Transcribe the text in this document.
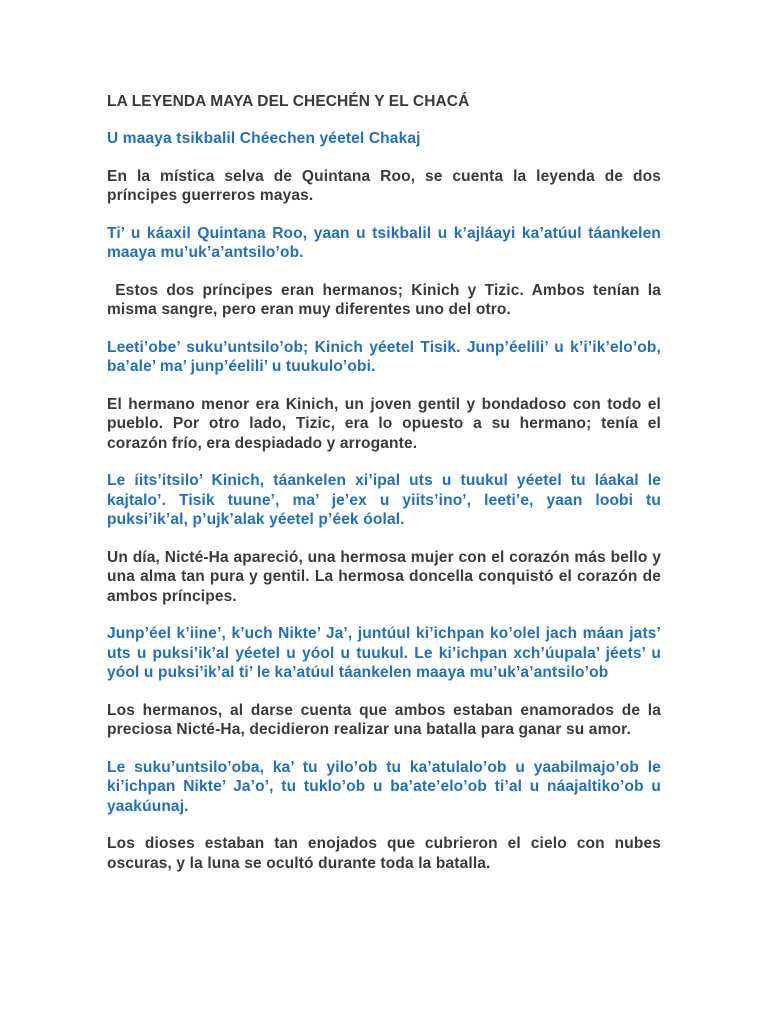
LA LEYENDA MAYA DEL CHECHÉN Y EL CHACÁ
U maaya tsikbalil Chéechen yéetel Chakaj
En la mística selva de Quintana Roo, se cuenta la leyenda de dos príncipes guerreros mayas.
Ti’ u káaxil Quintana Roo, yaan u tsikbalil u k’ajláayi ka’atúul táankelen maaya mu’uk’a’antsilo’ob.
Estos dos príncipes eran hermanos; Kinich y Tizic. Ambos tenían la misma sangre, pero eran muy diferentes uno del otro.
Leeti’obe’ suku’untsilo’ob; Kinich yéetel Tisik. Junp’éelili’ u k’i’ik’elo’ob, ba’ale’ ma’ junp’éelili’ u tuukulo’obi.
El hermano menor era Kinich, un joven gentil y bondadoso con todo el pueblo. Por otro lado, Tizic, era lo opuesto a su hermano; tenía el corazón frío, era despiadado y arrogante.
Le íits’itsilo’ Kinich, táankelen xi’ipal uts u tuukul yéetel tu láakal le kajtalo’. Tisik tuune’, ma’ je’ex u yiits’ino’, leeti’e, yaan loobi tu puksi’ik’al, p’ujk’alak yéetel p’éek óolal.
Un día, Nicté-Ha apareció, una hermosa mujer con el corazón más bello y una alma tan pura y gentil. La hermosa doncella conquistó el corazón de ambos príncipes.
Junp’éel k’iine’, k’uch Nikte’ Ja’, juntúul ki’ichpan ko’olel jach máan jats’ uts u puksi’ik’al yéetel u yóol u tuukul. Le ki’ichpan xch’úupala’ jéets’ u yóol u puksi’ik’al ti’ le ka’atúul táankelen maaya mu’uk’a’antsilo’ob
Los hermanos, al darse cuenta que ambos estaban enamorados de la preciosa Nicté-Ha, decidieron realizar una batalla para ganar su amor.
Le suku’untsilo’oba, ka’ tu yilo’ob tu ka’atulalo’ob u yaabilmajo’ob le ki’ichpan Nikte’ Ja’o’, tu tuklo’ob u ba’ate’elo’ob ti’al u náajaltiko’ob u yaakúunaj.
Los dioses estaban tan enojados que cubrieron el cielo con nubes oscuras, y la luna se ocultó durante toda la batalla.
